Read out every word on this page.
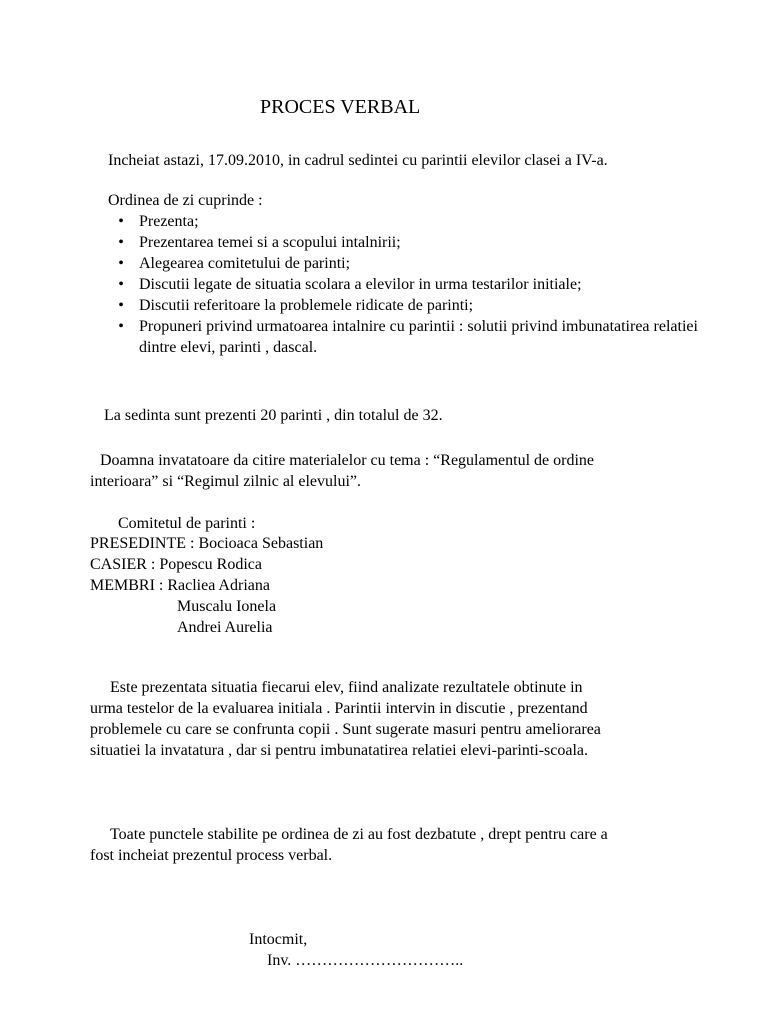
PROCES VERBAL
Incheiat astazi, 17.09.2010, in cadrul sedintei cu parintii elevilor clasei a IV-a.
Ordinea de zi cuprinde :
• Prezenta;
• Prezentarea temei si a scopului intalnirii;
• Alegearea comitetului de parinti;
• Discutii legate de situatia scolara a elevilor in urma testarilor initiale;
• Discutii referitoare la problemele ridicate de parinti;
• Propuneri privind urmatoarea intalnire cu parintii : solutii privind imbunatatirea relatiei dintre elevi, parinti , dascal.
La sedinta sunt prezenti 20 parinti , din totalul de 32.
Doamna invatatoare da citire materialelor cu tema : “Regulamentul de ordine
interioara” si “Regimul zilnic al elevului”.
Comitetul de parinti :
PRESEDINTE : Bocioaca Sebastian
CASIER : Popescu Rodica
MEMBRI : Racliea Adriana
Muscalu Ionela
Andrei Aurelia
Este prezentata situatia fiecarui elev, fiind analizate rezultatele obtinute in
urma testelor de la evaluarea initiala . Parintii intervin in discutie , prezentand
problemele cu care se confrunta copii . Sunt sugerate masuri pentru ameliorarea
situatiei la invatatura , dar si pentru imbunatatirea relatiei elevi-parinti-scoala.
Toate punctele stabilite pe ordinea de zi au fost dezbatute , drept pentru care a
fost incheiat prezentul process verbal.
Intocmit,
Inv. …………………………..
